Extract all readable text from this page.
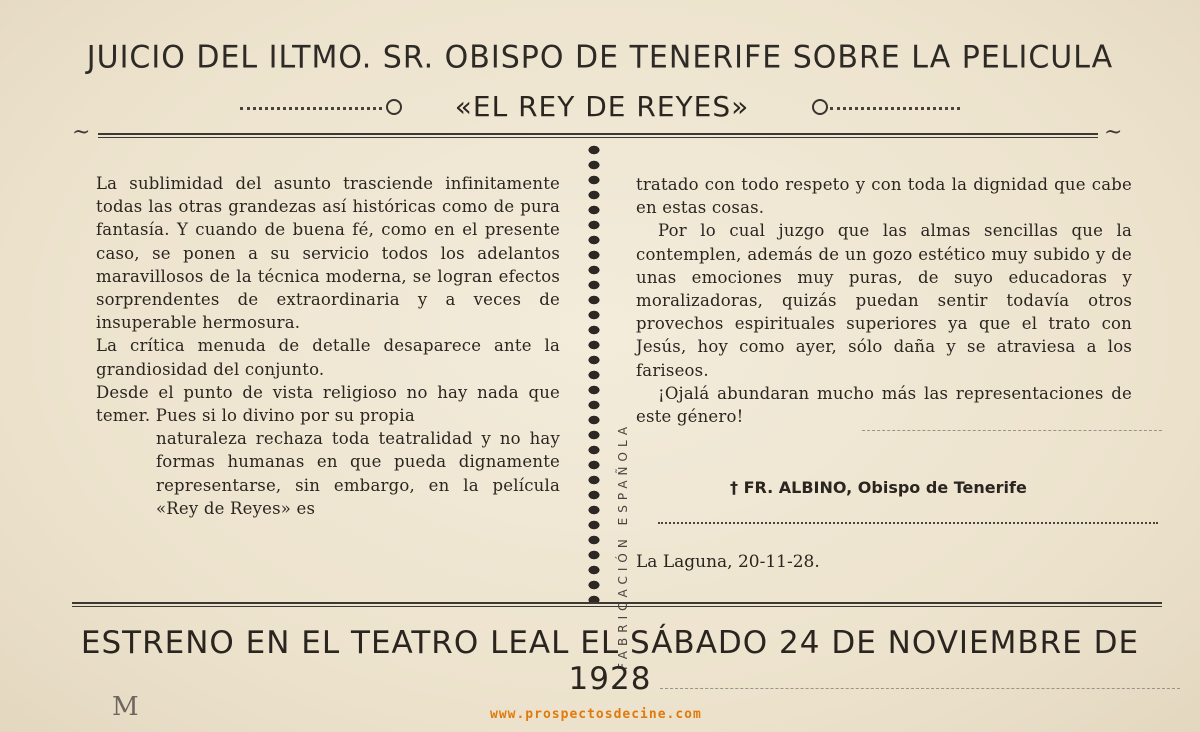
JUICIO DEL ILTMO. SR. OBISPO DE TENERIFE SOBRE LA PELICULA
«EL REY DE REYES»
~	~
FABRICACIÓN ESPAÑOLA

La sublimidad del asunto trasciende infinitamente todas las otras grandezas así históricas como de pura fantasía. Y cuando de buena fé, como en el presente caso, se ponen a su servicio todos los adelantos maravillosos de la técnica moderna, se logran efectos sorprendentes de extraordinaria y a veces de insuperable hermosura.

La crítica menuda de detalle desaparece ante la grandiosidad del conjunto.

Desde el punto de vista religioso no hay nada que temer. Pues si lo divino por su propia

naturaleza rechaza toda teatralidad y no hay formas humanas en que pueda dignamente representarse, sin embargo, en la película «Rey de Reyes» es

tratado con todo respeto y con toda la dignidad que cabe en estas cosas.

Por lo cual juzgo que las almas sencillas que la contemplen, además de un gozo estético muy subido y de unas emociones muy puras, de suyo educadoras y moralizadoras, quizás puedan sentir todavía otros provechos espirituales superiores ya que el trato con Jesús, hoy como ayer, sólo daña y se atraviesa a los fariseos.

¡Ojalá abundaran mucho más las representaciones de este género!

† FR. ALBINO, Obispo de Tenerife
La Laguna, 20-11-28.
ESTRENO EN EL TEATRO LEAL EL SÁBADO 24 DE NOVIEMBRE DE 1928
M	www.prospectosdecine.com
